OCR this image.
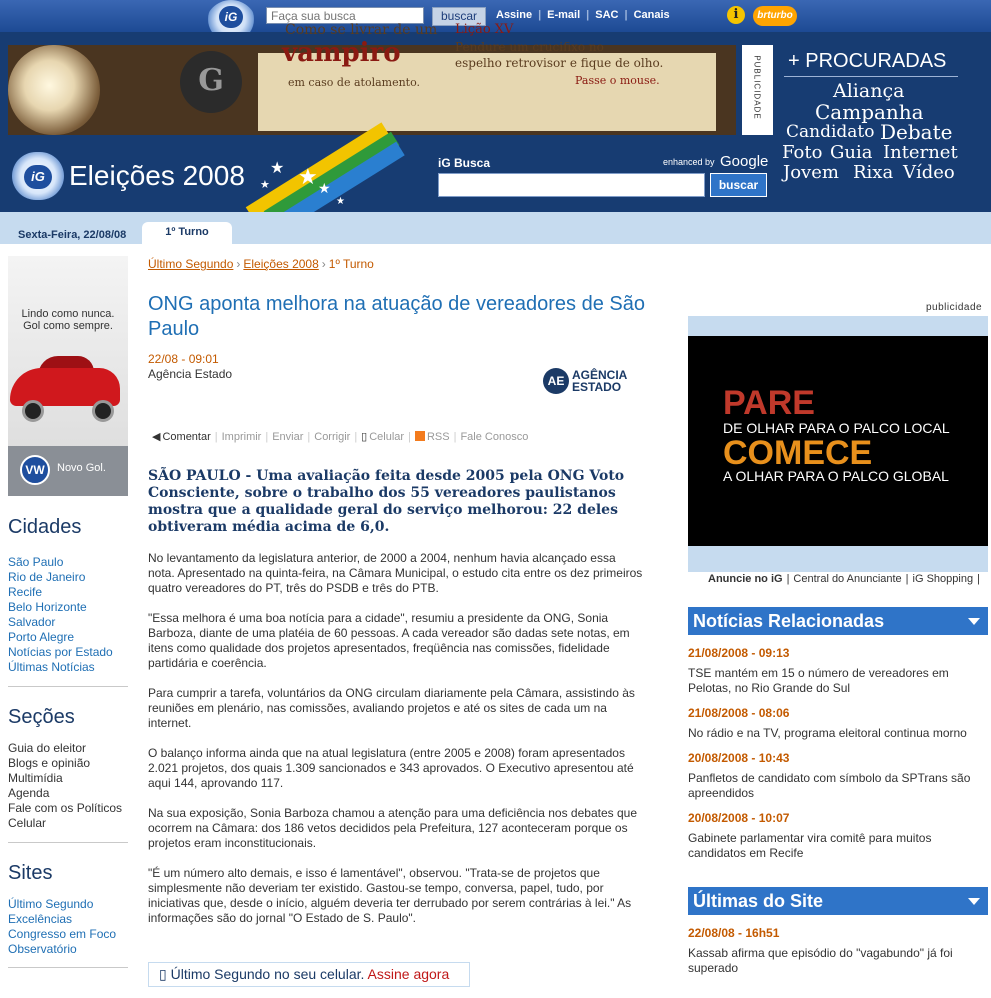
iG
Faça sua busca	buscar	Assine | E-mail | SAC | Canais	i	brturbo
G
Como se livrar de um
vampiro
em caso de atolamento.
Lição XV
Pendure um crucifixo no
espelho retrovisor e fique de olho.
Passe o mouse.	PUBLICIDADE + PROCURADAS
Aliança
Campanha
Candidato Debate
Foto Guia Internet
Jovem Rixa Vídeo
iG Eleições 2008 ★ ★
★	★
★
iG Busca	enhanced by Google
buscar
Sexta-Feira, 22/08/08	1º Turno
Lindo como nunca.
Gol como sempre.
VW	Novo Gol.
Cidades
São Paulo
Rio de Janeiro
Recife
Belo Horizonte
Salvador
Porto Alegre
Notícias por Estado
Últimas Notícias
Seções
Guia do eleitor
Blogs e opinião
Multimídia
Agenda
Fale com os Políticos
Celular
Sites
Último Segundo
Excelências
Congresso em Foco
Observatório
Último Segundo › Eleições 2008 › 1º Turno
ONG aponta melhora na atuação de vereadores de São Paulo
22/08 - 09:01
Agência Estado	AE AGÊNCIA
ESTADO
◀ Comentar | Imprimir | Enviar | Corrigir | ▯ Celular | RSS | Fale Conosco
SÃO PAULO - Uma avaliação feita desde 2005 pela ONG Voto Consciente, sobre o trabalho dos 55 vereadores paulistanos mostra que a qualidade geral do serviço melhorou: 22 deles obtiveram média acima de 6,0.
No levantamento da legislatura anterior, de 2000 a 2004, nenhum havia alcançado essa nota. Apresentado na quinta-feira, na Câmara Municipal, o estudo cita entre os dez primeiros quatro vereadores do PT, três do PSDB e três do PTB.
"Essa melhora é uma boa notícia para a cidade", resumiu a presidente da ONG, Sonia Barboza, diante de uma platéia de 60 pessoas. A cada vereador são dadas sete notas, em itens como qualidade dos projetos apresentados, freqüência nas comissões, fidelidade partidária e coerência.
Para cumprir a tarefa, voluntários da ONG circulam diariamente pela Câmara, assistindo às reuniões em plenário, nas comissões, avaliando projetos e até os sites de cada um na internet.
O balanço informa ainda que na atual legislatura (entre 2005 e 2008) foram apresentados 2.021 projetos, dos quais 1.309 sancionados e 343 aprovados. O Executivo apresentou até aqui 144, aprovando 117.
Na sua exposição, Sonia Barboza chamou a atenção para uma deficiência nos debates que ocorrem na Câmara: dos 186 vetos decididos pela Prefeitura, 127 aconteceram porque os projetos eram inconstitucionais.
"É um número alto demais, e isso é lamentável", observou. "Trata-se de projetos que simplesmente não deveriam ter existido. Gastou-se tempo, conversa, papel, tudo, por iniciativas que, desde o início, alguém deveria ter derrubado por serem contrárias à lei." As informações são do jornal "O Estado de S. Paulo".
▯ Último Segundo no seu celular. Assine agora
publicidade
PARE
DE OLHAR PARA O PALCO LOCAL
COMECE
A OLHAR PARA O PALCO GLOBAL
Anuncie no iG | Central do Anunciante | iG Shopping |
Notícias Relacionadas
21/08/2008 - 09:13
TSE mantém em 15 o número de vereadores em Pelotas, no Rio Grande do Sul
21/08/2008 - 08:06
No rádio e na TV, programa eleitoral continua morno
20/08/2008 - 10:43
Panfletos de candidato com símbolo da SPTrans são apreendidos
20/08/2008 - 10:07
Gabinete parlamentar vira comitê para muitos candidatos em Recife
Últimas do Site
22/08/08 - 16h51
Kassab afirma que episódio do "vagabundo" já foi superado
